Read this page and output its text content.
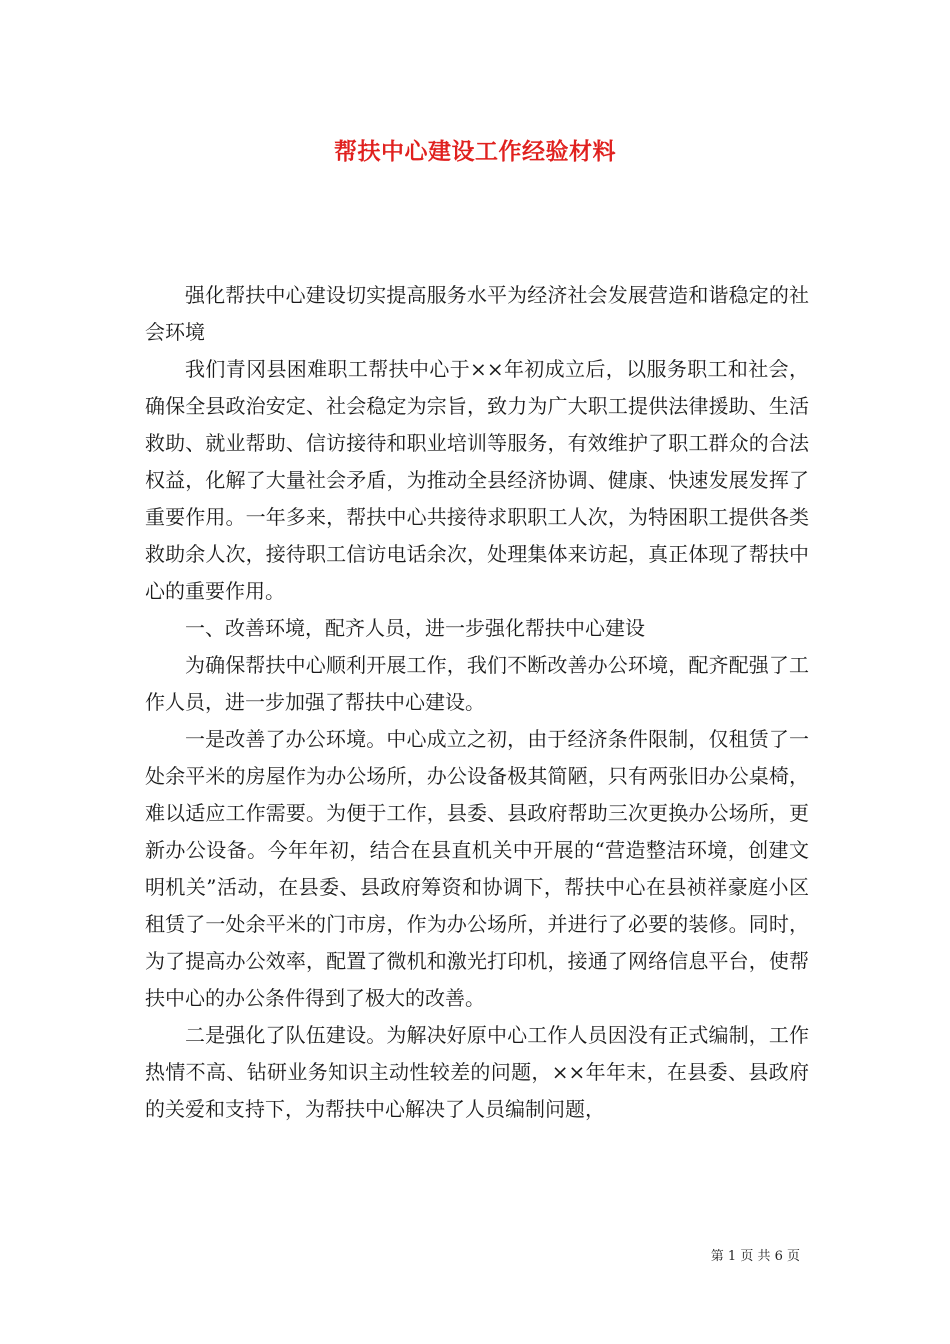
帮扶中心建设工作经验材料

强化帮扶中心建设切实提高服务水平为经济社会发展营造和谐稳定的社会环境

我们青冈县困难职工帮扶中心于××年初成立后，以服务职工和社会，确保全县政治安定、社会稳定为宗旨，致力为广大职工提供法律援助、生活救助、就业帮助、信访接待和职业培训等服务，有效维护了职工群众的合法权益，化解了大量社会矛盾，为推动全县经济协调、健康、快速发展发挥了重要作用。一年多来，帮扶中心共接待求职职工人次，为特困职工提供各类救助余人次，接待职工信访电话余次，处理集体来访起，真正体现了帮扶中心的重要作用。

一、改善环境，配齐人员，进一步强化帮扶中心建设

为确保帮扶中心顺利开展工作，我们不断改善办公环境，配齐配强了工作人员，进一步加强了帮扶中心建设。

一是改善了办公环境。中心成立之初，由于经济条件限制，仅租赁了一处余平米的房屋作为办公场所，办公设备极其简陋，只有两张旧办公桌椅，难以适应工作需要。为便于工作，县委、县政府帮助三次更换办公场所，更新办公设备。今年年初，结合在县直机关中开展的“营造整洁环境，创建文明机关”活动，在县委、县政府筹资和协调下，帮扶中心在县祯祥豪庭小区租赁了一处余平米的门市房，作为办公场所，并进行了必要的装修。同时，为了提高办公效率，配置了微机和激光打印机，接通了网络信息平台，使帮扶中心的办公条件得到了极大的改善。

二是强化了队伍建设。为解决好原中心工作人员因没有正式编制，工作热情不高、钻研业务知识主动性较差的问题，××年年末，在县委、县政府的关爱和支持下，为帮扶中心解决了人员编制问题，

第 1 页 共 6 页
